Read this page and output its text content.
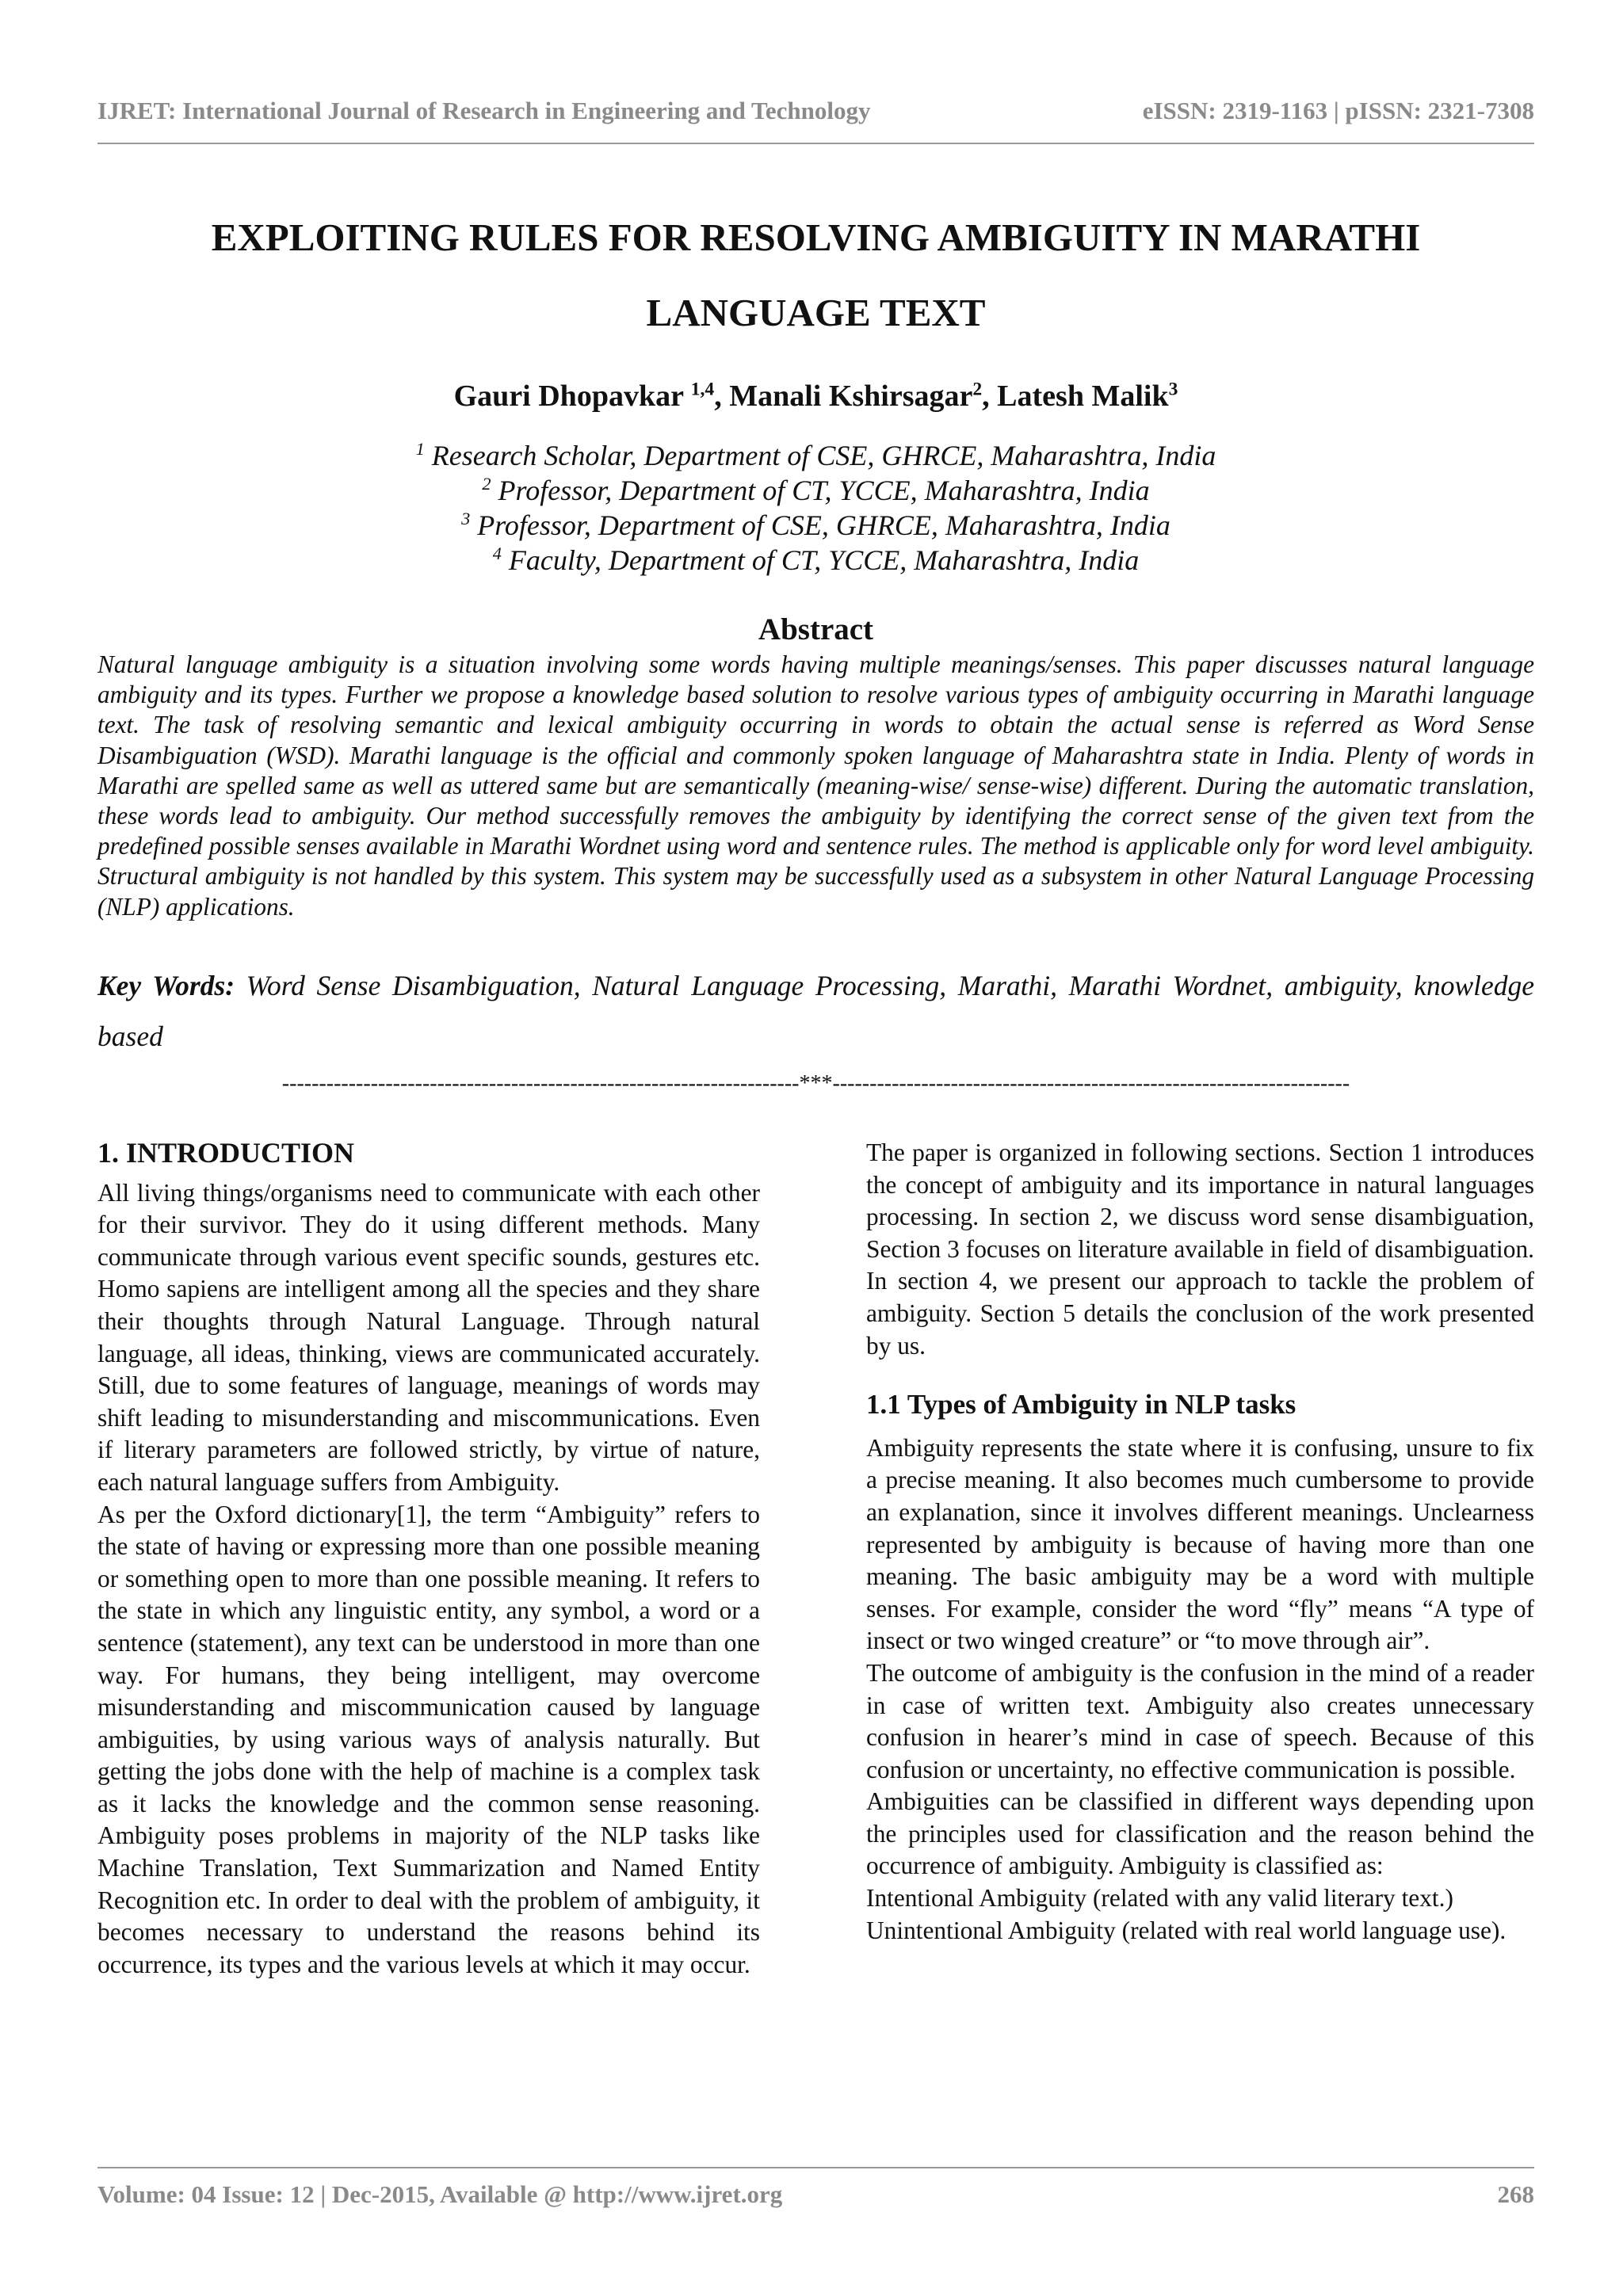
IJRET: International Journal of Research in Engineering and Technology	eISSN: 2319-1163 | pISSN: 2321-7308
EXPLOITING RULES FOR RESOLVING AMBIGUITY IN MARATHI
LANGUAGE TEXT
Gauri Dhopavkar $^{1,4}$, Manali Kshirsagar$^2$, Latesh Malik$^3$
$^1$ Research Scholar, Department of CSE, GHRCE, Maharashtra, India
$^2$ Professor, Department of CT, YCCE, Maharashtra, India
$^3$ Professor, Department of CSE, GHRCE, Maharashtra, India
$^4$ Faculty, Department of CT, YCCE, Maharashtra, India
Abstract

Natural language ambiguity is a situation involving some words having multiple meanings/senses. This paper discusses natural language ambiguity and its types. Further we propose a knowledge based solution to resolve various types of ambiguity occurring in Marathi language text. The task of resolving semantic and lexical ambiguity occurring in words to obtain the actual sense is referred as Word Sense Disambiguation (WSD). Marathi language is the official and commonly spoken language of Maharashtra state in India. Plenty of words in Marathi are spelled same as well as uttered same but are semantically (meaning-wise/ sense-wise) different. During the automatic translation, these words lead to ambiguity. Our method successfully removes the ambiguity by identifying the correct sense of the given text from the predefined possible senses available in Marathi Wordnet using word and sentence rules. The method is applicable only for word level ambiguity. Structural ambiguity is not handled by this system. This system may be successfully used as a subsystem in other Natural Language Processing (NLP) applications.

Key Words: Word Sense Disambiguation, Natural Language Processing, Marathi, Marathi Wordnet, ambiguity, knowledge based

----------------------------------------------------------------------***----------------------------------------------------------------------
1. INTRODUCTION

All living things/organisms need to communicate with each other for their survivor. They do it using different methods. Many communicate through various event specific sounds, gestures etc. Homo sapiens are intelligent among all the species and they share their thoughts through Natural Language. Through natural language, all ideas, thinking, views are communicated accurately. Still, due to some features of language, meanings of words may shift leading to misunderstanding and miscommunications. Even if literary parameters are followed strictly, by virtue of nature, each natural language suffers from Ambiguity.

As per the Oxford dictionary[1], the term “Ambiguity” refers to the state of having or expressing more than one possible meaning or something open to more than one possible meaning. It refers to the state in which any linguistic entity, any symbol, a word or a sentence (statement), any text can be understood in more than one way. For humans, they being intelligent, may overcome misunderstanding and miscommunication caused by language ambiguities, by using various ways of analysis naturally. But getting the jobs done with the help of machine is a complex task as it lacks the knowledge and the common sense reasoning. Ambiguity poses problems in majority of the NLP tasks like Machine Translation, Text Summarization and Named Entity Recognition etc. In order to deal with the problem of ambiguity, it becomes necessary to understand the reasons behind its occurrence, its types and the various levels at which it may occur.

The paper is organized in following sections. Section 1 introduces the concept of ambiguity and its importance in natural languages processing. In section 2, we discuss word sense disambiguation, Section 3 focuses on literature available in field of disambiguation. In section 4, we present our approach to tackle the problem of ambiguity. Section 5 details the conclusion of the work presented by us.

1.1 Types of Ambiguity in NLP tasks

Ambiguity represents the state where it is confusing, unsure to fix a precise meaning. It also becomes much cumbersome to provide an explanation, since it involves different meanings. Unclearness represented by ambiguity is because of having more than one meaning. The basic ambiguity may be a word with multiple senses. For example, consider the word “fly” means “A type of insect or two winged creature” or “to move through air”.

The outcome of ambiguity is the confusion in the mind of a reader in case of written text. Ambiguity also creates unnecessary confusion in hearer’s mind in case of speech. Because of this confusion or uncertainty, no effective communication is possible.

Ambiguities can be classified in different ways depending upon the principles used for classification and the reason behind the occurrence of ambiguity. Ambiguity is classified as:

Intentional Ambiguity (related with any valid literary text.)

Unintentional Ambiguity (related with real world language use).

Volume: 04 Issue: 12 | Dec-2015, Available @ http://www.ijret.org	268
